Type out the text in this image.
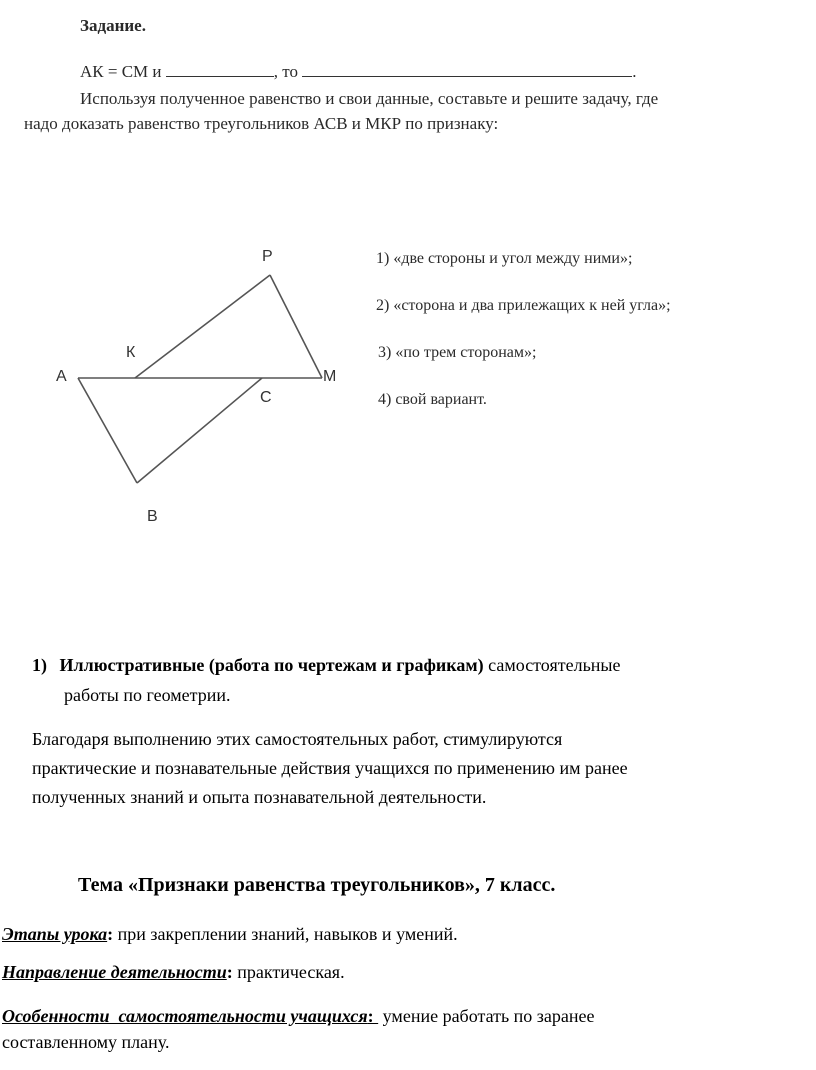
Задание.
АК = СМ и	, то	.
Используя полученное равенство и свои данные, составьте и решите задачу, где
надо доказать равенство треугольников АСВ и МКР по признаку:
Р
К
А	М
С
В
1) «две стороны и угол между ними»;
2) «сторона и два прилежащих к ней угла»;
3) «по трем сторонам»;
4) свой вариант.
1) Иллюстративные (работа по чертежам и графикам) самостоятельные
работы по геометрии.
Благодаря выполнению этих самостоятельных работ, стимулируются
практические и познавательные действия учащихся по применению им ранее
полученных знаний и опыта познавательной деятельности.
Тема «Признаки равенства треугольников», 7 класс.
Этапы урока: при закреплении знаний, навыков и умений.
Направление деятельности: практическая.
Особенности  самостоятельности учащихся:  умение работать по заранее
составленному плану.
